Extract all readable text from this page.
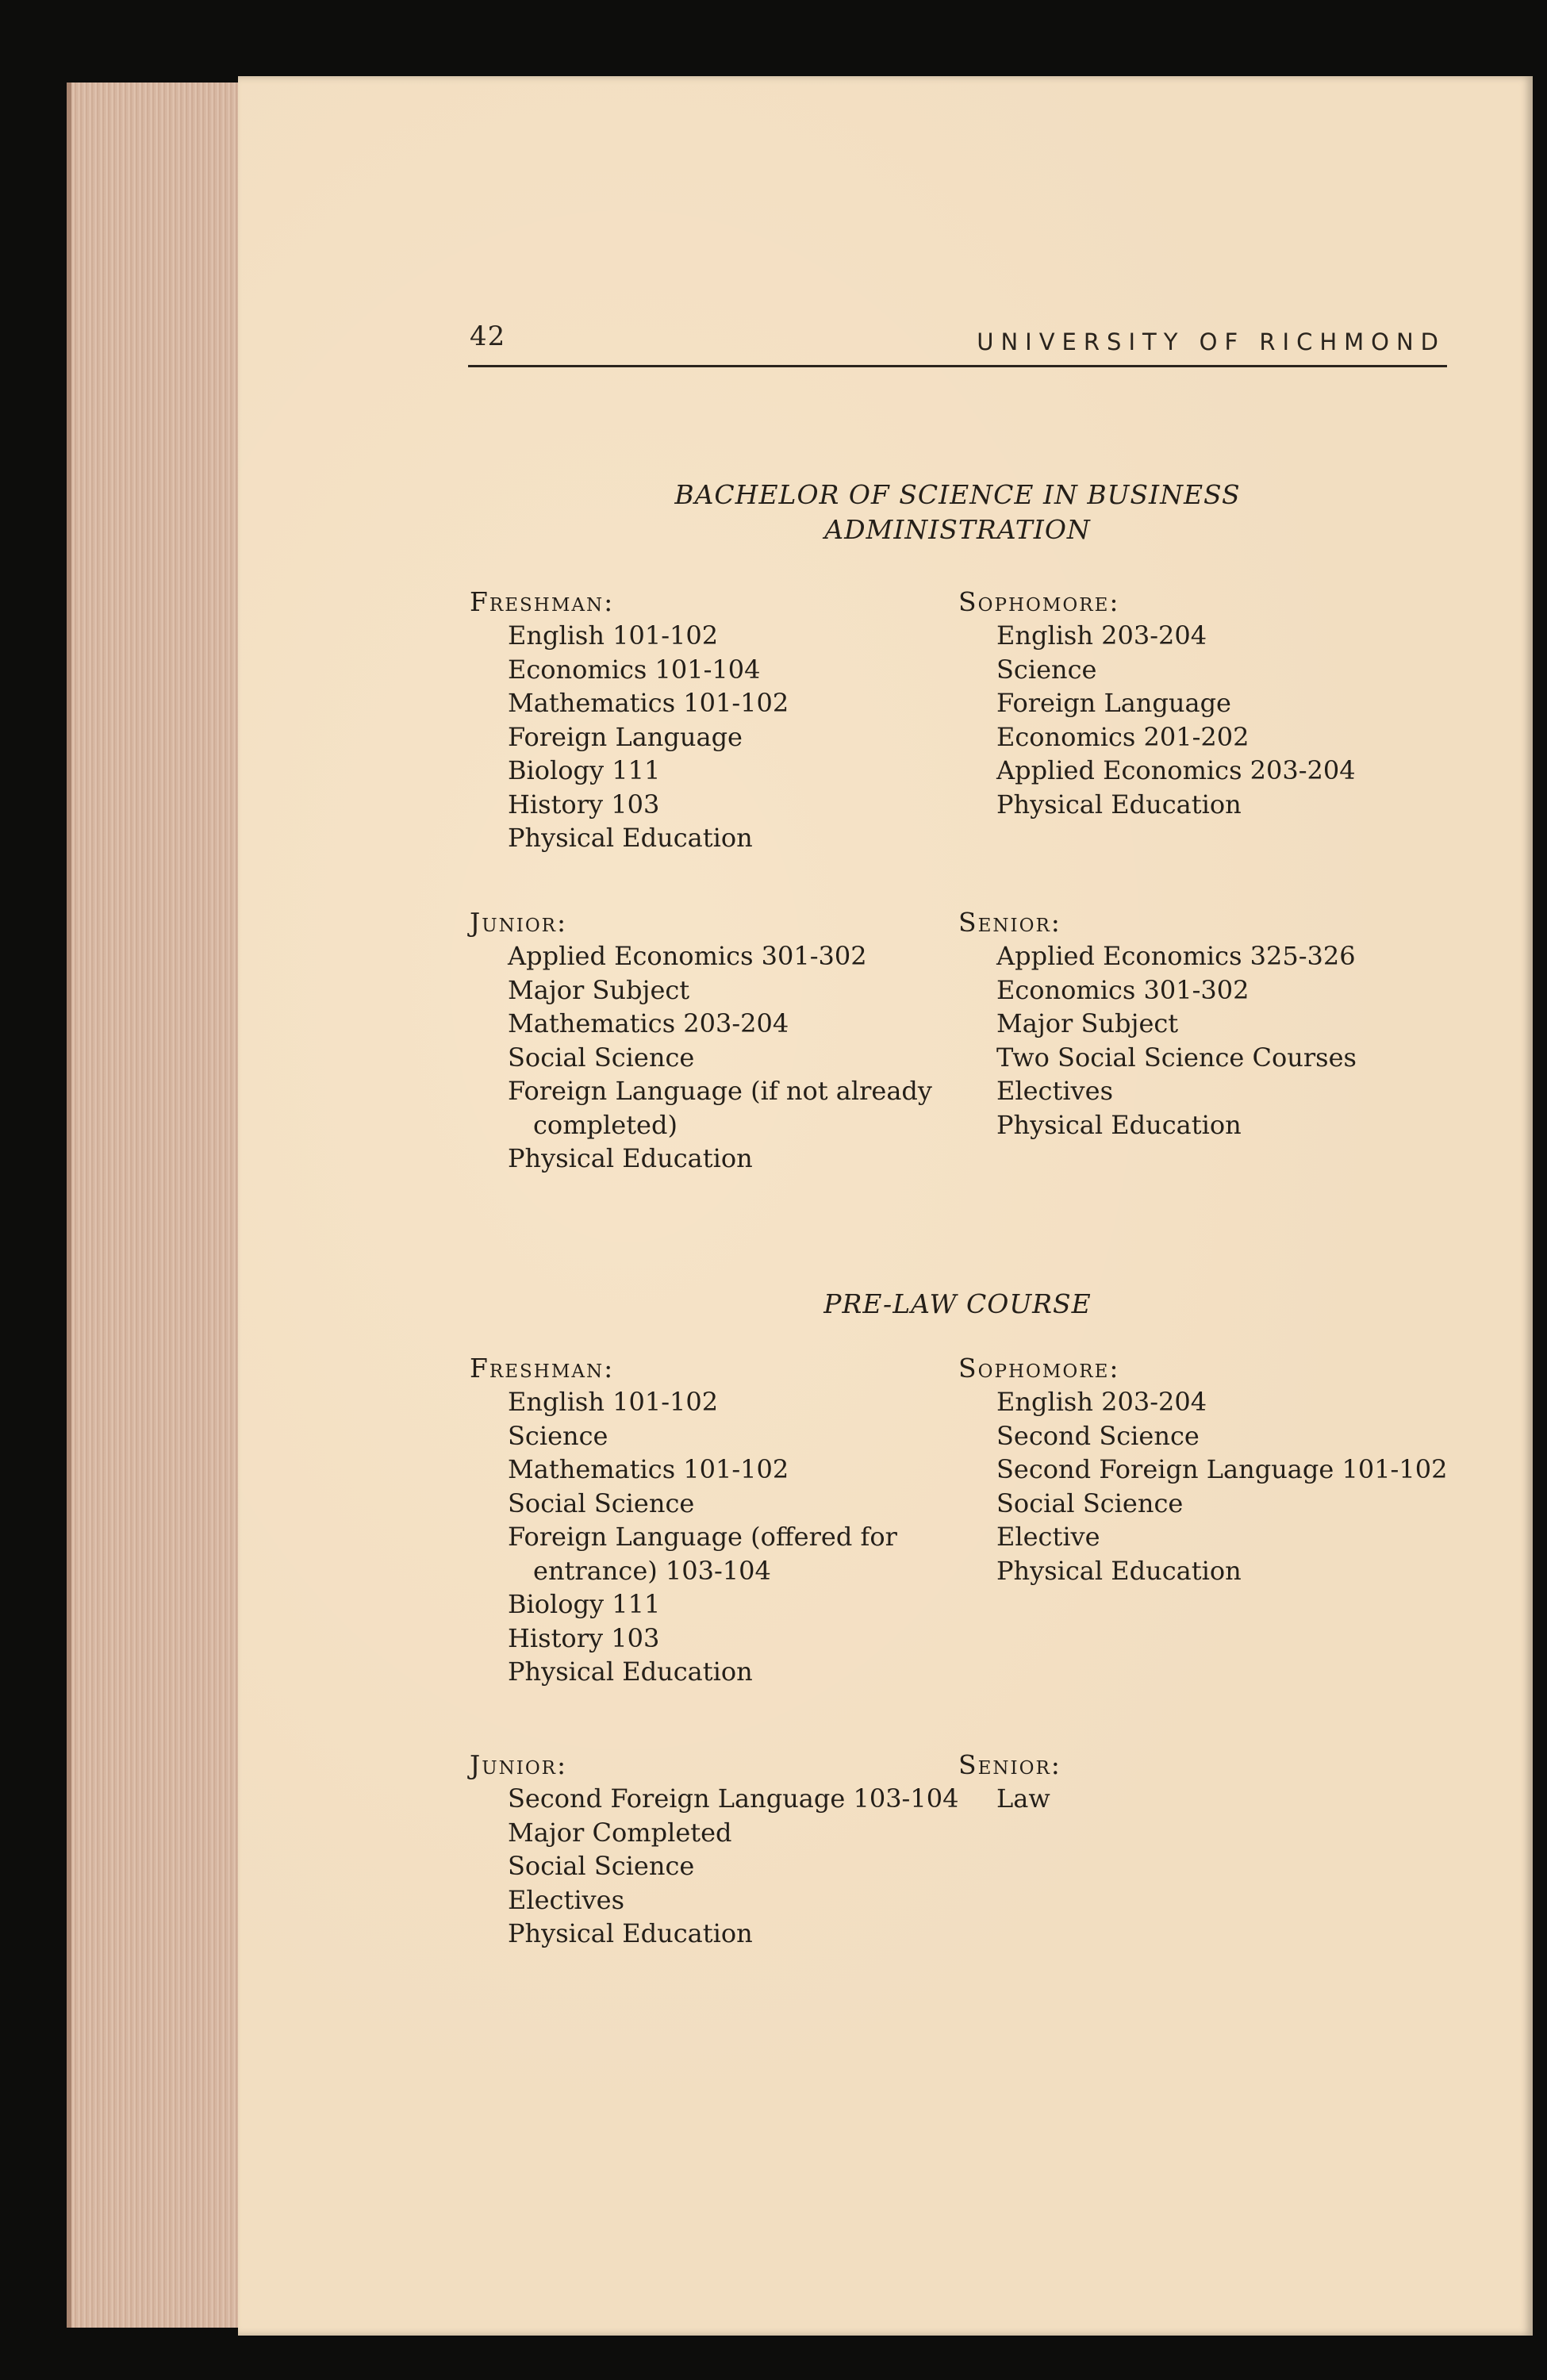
42	UNIVERSITY OF RICHMOND
BACHELOR OF SCIENCE IN BUSINESS
ADMINISTRATION
Freshman:
English 101-102
Economics 101-104
Mathematics 101-102
Foreign Language
Biology 111
History 103
Physical Education
Sophomore:
English 203-204
Science
Foreign Language
Economics 201-202
Applied Economics 203-204
Physical Education
Junior:
Applied Economics 301-302
Major Subject
Mathematics 203-204
Social Science
Foreign Language (if not already completed)
Physical Education
Senior:
Applied Economics 325-326
Economics 301-302
Major Subject
Two Social Science Courses
Electives
Physical Education
PRE-LAW COURSE
Freshman:
English 101-102
Science
Mathematics 101-102
Social Science
Foreign Language (offered for entrance) 103-104
Biology 111
History 103
Physical Education
Sophomore:
English 203-204
Second Science
Second Foreign Language 101-102
Social Science
Elective
Physical Education
Junior:
Second Foreign Language 103-104
Major Completed
Social Science
Electives
Physical Education
Senior:
Law
